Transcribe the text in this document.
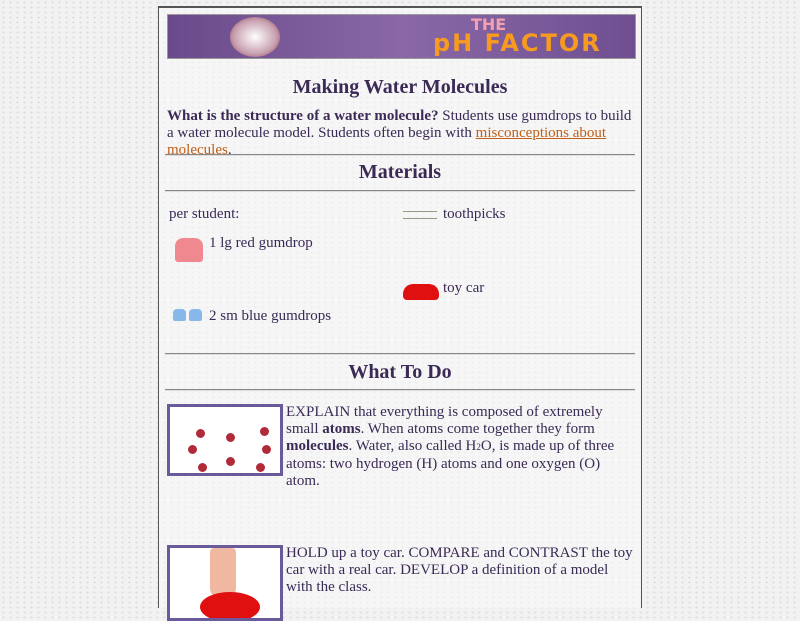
THE
pH FACTOR
Making Water Molecules
What is the structure of a water molecule? Students use gumdrops to build a water molecule model. Students often begin with misconceptions about molecules.
Materials
per student:
1 lg red gumdrop
2 sm blue gumdrops
toothpicks
toy car
What To Do
EXPLAIN that everything is composed of extremely small atoms. When atoms come together they form molecules. Water, also called H2O, is made up of three atoms: two hydrogen (H) atoms and one oxygen (O) atom.
HOLD up a toy car. COMPARE and CONTRAST the toy car with a real car. DEVELOP a definition of a model with the class.
